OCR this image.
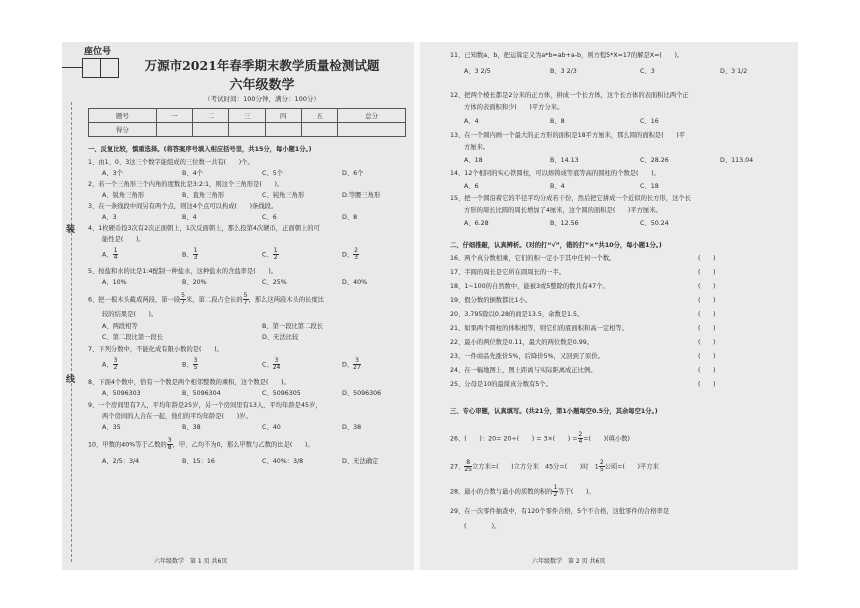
座位号
装
线
万源市2021年春季期末教学质量检测试题
六年级数学
（考试时间：100分钟，满分：100分）
题号	一	二	三	四	五	总分
得分						
一、反复比较，慎重选择。(将答案序号填入相应括号里，共15分，每小题1分。)
1、由1、0、3这三个数字能组成的三位数一共有(　　)个。
A、3个	B、4个	C、5个	D、6个
2、若一个三角形三个内角的度数比是3:2:1，则这个三角形是(　　)。
A、锐角三角形	B、直角三角形	C、钝角三角形	D.等腰三角形
3、在一条线段中间另有两个点，则这4个点可以构成(　　)条线段。
A、3	B、4	C、6	D、8
4、1枚硬币投3次有2次正面朝上，1次反面朝上，那么投第4次硬币，正面朝上的可
能性是(　　)。
A、 $\frac{1}{4}$	B、 $\frac{1}{3}$	C、 $\frac{1}{2}$	D、 $\frac{2}{3}$
5、按盐和水的比是1:4配制一种盐水，这种盐水的含盐率是(　　)。
A、10%	B、20%	C、25%	D、40%
6、把一根木头截成两段，第一段 $\frac{5}{7}$ 米，第二段占全长的 $\frac{5}{7}$ ，那么这两段木头的长度比
较的结果是(　　)。
A、两段相等	B、第一段比第二段长
C、第二段比第一段长	D、无法比较
7、下列分数中，不能化成有限小数的是(　　)。
A、 $\frac{3}{2}$	B、 $\frac{3}{5}$	C、 $\frac{3}{24}$	D、 $\frac{3}{27}$
8、下面4个数中，恰有一个数是两个相邻整数的乘积，这个数是(　　)。
A、5096303	B、5096304	C、5096305	D、5096306
9、一个房间里有7人，平均年龄是25岁，另一个房间里有13人，平均年龄是45岁，
两个房间的人合在一起，他们的平均年龄是(　　)岁。
A、35	B、38	C、40	D、38
10、甲数的40%等于乙数的 $\frac{3}{8}$ ，甲、乙均不为0，那么甲数与乙数的比是(　　)。
A、2/5：3/4	B、15：16	C、40%：3/8	D、无法确定
六年级数学　第 1 页 共6页
11、已知数a、b，把运算定义为a*b=ab+a-b，则方程5*X=17的解是X=(　　)。
A、3 2/5	B、3 2/3	C、3	D、3 1/2
12、把两个棱长都是2分米的正方体，拼成一个长方体，这个长方体的表面积比两个正
方体的表面积和少(　　)平方分米。
A、4	B、8	C、16
13、在一个圆内画一个最大的正方形的面积是18平方厘米，那么圆的面积是(　　)平
方厘米。
A、18	B、14.13	C、28.26	D、113.04
14、12个相同的实心铁圆柱，可以熔铸成等底等高的圆柱的个数是(　　)。
A、6	B、4	C、18
15、把一个圆沿着它的半径平均分成若干份，然后把它拼成一个近似的长方形，这个长
方形的周长比圆的周长增加了4厘米，这个圆的面积是(　　)平方厘米。
A、6.28	B、12.56	C、50.24
二、仔细推敲，认真辨析。(对的打“√”，错的打“×”共10分，每小题1分。)
16、两个真分数相乘，它们的积一定小于其中任何一个数。	(　　)
17、半圆的周长是它所在圆周长的一半。	(　　)
18、1~100的自然数中，能被3或5整除的数共有47个。	(　　)
19、假分数的倒数都比1小。	(　　)
20、3.795除以0.28的商是13.5，余数是1.5。	(　　)
21、如果两个圆柱的体积相等，则它们的底面积和高一定相等。	(　　)
22、最小的两位数是0.11，最大的两位数是0.99。	(　　)
23、一件商品先涨价5%，后降价5%，又回到了原价。	(　　)
24、在一幅地图上，图上距离与实际距离成正比例。	(　　)
25、分母是10的最简真分数有5个。	(　　)
三、专心审题，认真填写。(共21分，第1小题每空0.5分，其余每空1分。)
26、(　　)：20= 20÷(　　) = 3×(　　) = $\frac{2}{4}$ =(　　)(填小数)
27、 $\frac{8}{25}$ 立方米=(　　)立方分米　45分=(　　)时　$1 \frac{2}{5}$ 公顷=(　　)平方米
28、最小的合数与最小的质数的积的 $\frac{1}{2}$ 等于(　　)。
29、在一次零件抽查中，有120个零件合格，5个不合格，这批零件的合格率是
(　　　　)。
六年级数学　第 2 页 共6页
